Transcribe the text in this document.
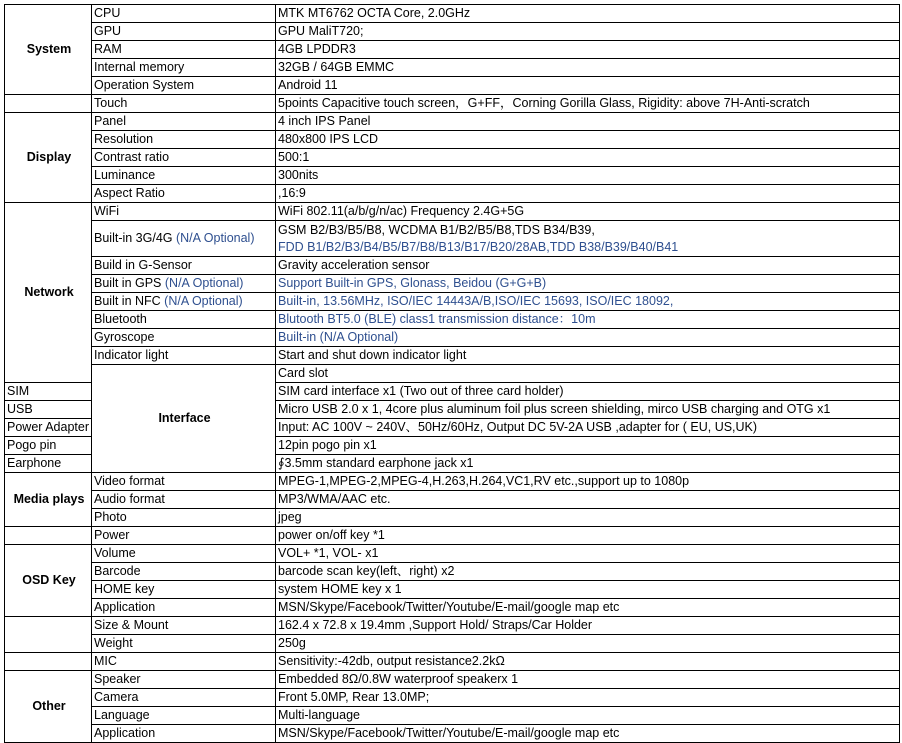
System	CPU	MTK MT6762 OCTA Core, 2.0GHz	

	GPU	GPU MaliT720;	

	RAM	4GB LPDDR3	

	Internal memory	32GB / 64GB EMMC	

	Operation System	Android 11	

	Touch	5points Capacitive touch screen，G+FF，Corning Gorilla Glass, Rigidity: above 7H-Anti-scratch	

Display	Panel	4 inch IPS Panel	

	Resolution	480x800 IPS LCD	

	Contrast ratio	500:1	

	Luminance	300nits	

	Aspect Ratio	,16:9	

Network	WiFi	WiFi 802.11(a/b/g/n/ac) Frequency 2.4G+5G	

	Built-in 3G/4G (N/A Optional)	GSM B2/B3/B5/B8, WCDMA B1/B2/B5/B8,TDS B34/B39,
FDD B1/B2/B3/B4/B5/B7/B8/B13/B17/B20/28AB,TDD B38/B39/B40/B41	

	Build in G-Sensor	Gravity acceleration sensor	

	Built in GPS (N/A Optional)	Support Built-in GPS, Glonass, Beidou (G+G+B)	
	Built in NFC (N/A Optional)	Built-in, 13.56MHz, ISO/IEC 14443A/B,ISO/IEC 15693, ISO/IEC 18092,	
	Bluetooth	Blutooth BT5.0 (BLE) class1 transmission distance：10m	
	Gyroscope	Built-in (N/A Optional)	
	Indicator light	Start and shut down indicator light	

	Interface	Card slot	

SIM		SIM card interface x1 (Two out of three card holder)	

USB		Micro USB 2.0 x 1, 4core plus aluminum foil plus screen shielding, mirco USB charging and OTG x1	

Power Adapter		Input: AC 100V ~ 240V、50Hz/60Hz, Output DC 5V-2A USB ,adapter for ( EU, US,UK)	

Pogo pin		12pin pogo pin x1	

Earphone		∮3.5mm standard earphone jack x1	

Media plays	Video format	MPEG-1,MPEG-2,MPEG-4,H.263,H.264,VC1,RV etc.,support up to 1080p	

	Audio format	MP3/WMA/AAC etc.	

	Photo	jpeg	

	Power	power on/off key *1	

OSD Key	Volume	VOL+ *1, VOL- x1	

	Barcode	barcode scan key(left、right) x2	

	HOME key	system HOME key x 1	

	Application	MSN/Skype/Facebook/Twitter/Youtube/E-mail/google map etc	

	Size & Mount	162.4 x 72.8 x 19.4mm ,Support Hold/ Straps/Car Holder	

	Weight	250g	

	MIC	Sensitivity:-42db, output resistance2.2kΩ	

Other	Speaker	Embedded 8Ω/0.8W waterproof speakerx 1	

	Camera	Front 5.0MP, Rear 13.0MP;	

	Language	Multi-language	

	Application	MSN/Skype/Facebook/Twitter/Youtube/E-mail/google map etc	
